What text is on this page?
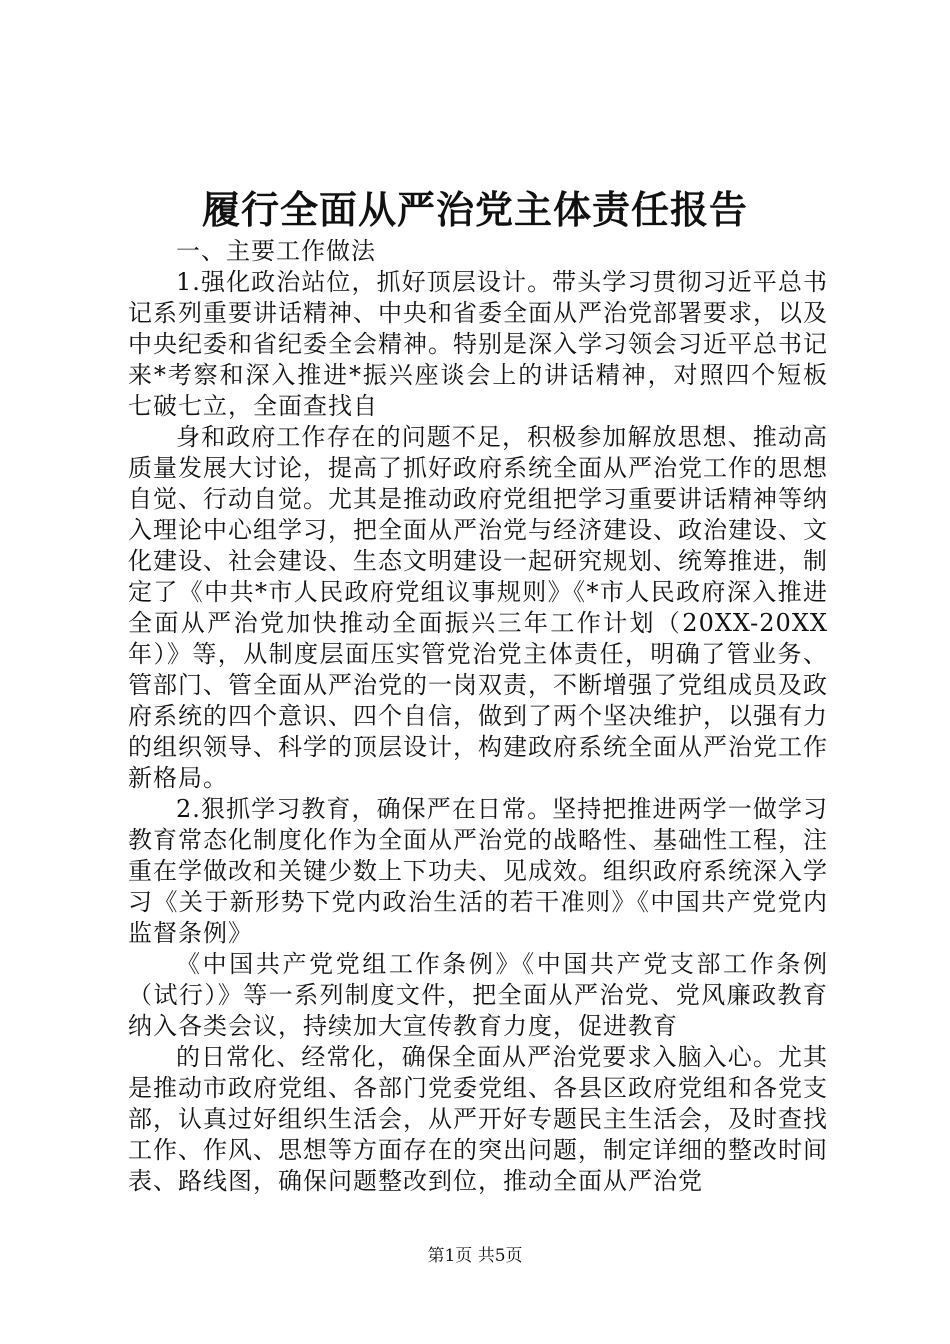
履行全面从严治党主体责任报告

一、主要工作做法

1.强化政治站位，抓好顶层设计。带头学习贯彻习近平总书记系列重要讲话精神、中央和省委全面从严治党部署要求，以及中央纪委和省纪委全会精神。特别是深入学习领会习近平总书记来*考察和深入推进*振兴座谈会上的讲话精神，对照四个短板七破七立，全面查找自

身和政府工作存在的问题不足，积极参加解放思想、推动高质量发展大讨论，提高了抓好政府系统全面从严治党工作的思想自觉、行动自觉。尤其是推动政府党组把学习重要讲话精神等纳入理论中心组学习，把全面从严治党与经济建设、政治建设、文化建设、社会建设、生态文明建设一起研究规划、统筹推进，制定了《中共*市人民政府党组议事规则》《*市人民政府深入推进全面从严治党加快推动全面振兴三年工作计划（20XX-20XX年）》等，从制度层面压实管党治党主体责任，明确了管业务、管部门、管全面从严治党的一岗双责，不断增强了党组成员及政府系统的四个意识、四个自信，做到了两个坚决维护，以强有力的组织领导、科学的顶层设计，构建政府系统全面从严治党工作新格局。

2.狠抓学习教育，确保严在日常。坚持把推进两学一做学习教育常态化制度化作为全面从严治党的战略性、基础性工程，注重在学做改和关键少数上下功夫、见成效。组织政府系统深入学习《关于新形势下党内政治生活的若干准则》《中国共产党党内监督条例》

《中国共产党党组工作条例》《中国共产党支部工作条例（试行）》等一系列制度文件，把全面从严治党、党风廉政教育纳入各类会议，持续加大宣传教育力度，促进教育

的日常化、经常化，确保全面从严治党要求入脑入心。尤其是推动市政府党组、各部门党委党组、各县区政府党组和各党支部，认真过好组织生活会，从严开好专题民主生活会，及时查找工作、作风、思想等方面存在的突出问题，制定详细的整改时间表、路线图，确保问题整改到位，推动全面从严治党

第1页 共5页
